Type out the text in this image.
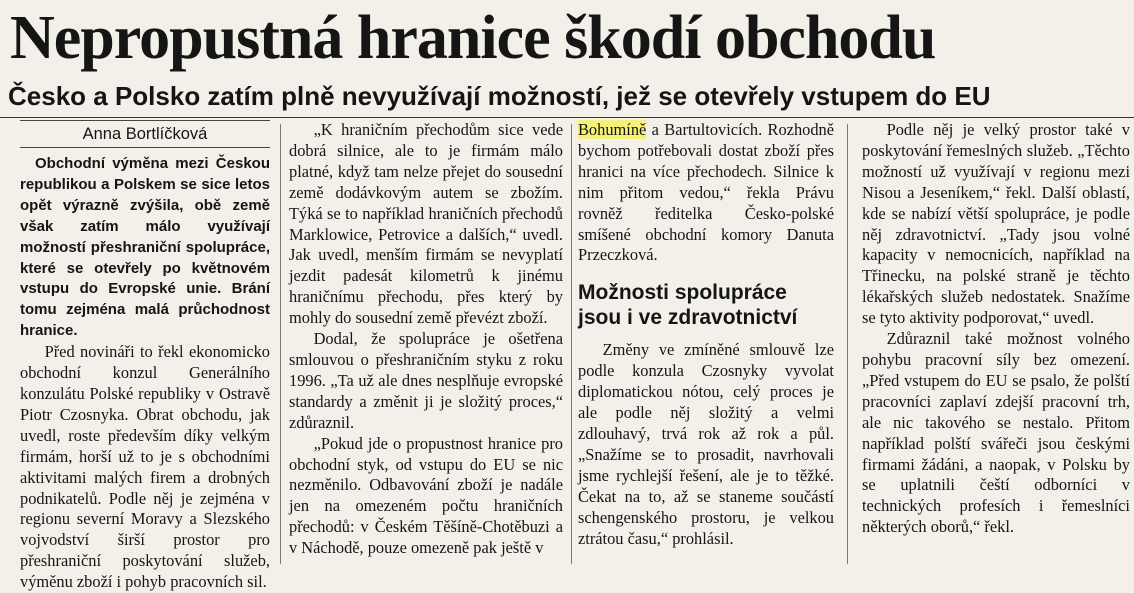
Nepropustná hranice škodí obchodu
Česko a Polsko zatím plně nevyužívají možností, jež se otevřely vstupem do EU
Anna Bortlíčková

Obchodní výměna mezi Českou republikou a Polskem se sice letos opět výrazně zvýšila, obě země však zatím málo využívají možností přeshraniční spolupráce, které se otevřely po květnovém vstupu do Evropské unie. Brání tomu zejména malá průchodnost hranice.

Před novináři to řekl ekonomicko obchodní konzul Generálního konzulátu Polské republiky v Ostravě Piotr Czosnyka. Obrat obchodu, jak uvedl, roste především díky velkým firmám, horší už to je s obchodními aktivitami malých firem a drobných podnikatelů. Podle něj je zejména v regionu severní Moravy a Slezského vojvodství širší prostor pro přeshraniční poskytování služeb, výměnu zboží i pohyb pracovních sil.

„K hraničním přechodům sice vede dobrá silnice, ale to je firmám málo platné, když tam nelze přejet do sousední země dodávkovým autem se zbožím. Týká se to například hraničních přechodů Marklowice, Petrovice a dalších,“ uvedl. Jak uvedl, menším firmám se nevyplatí jezdit padesát kilometrů k jinému hraničnímu přechodu, přes který by mohly do sousední země převézt zboží.

Dodal, že spolupráce je ošetřena smlouvou o přeshraničním styku z roku 1996. „Ta už ale dnes nesplňuje evropské standardy a změnit ji je složitý proces,“ zdůraznil.

„Pokud jde o propustnost hranice pro obchodní styk, od vstupu do EU se nic nezměnilo. Odbavování zboží je nadále jen na omezeném počtu hraničních přechodů: v Českém Těšíně-Chotěbuzi a v Náchodě, pouze omezeně pak ještě v

Bohumíně a Bartultovicích. Rozhodně bychom potřebovali dostat zboží přes hranici na více přechodech. Silnice k nim přitom vedou,“ řekla Právu rovněž ředitelka Česko-polské smíšené obchodní komory Danuta Przeczková.

Možnosti spolupráce jsou i ve zdravotnictví

Změny ve zmíněné smlouvě lze podle konzula Czosnyky vyvolat diplomatickou nótou, celý proces je ale podle něj složitý a velmi zdlouhavý, trvá rok až rok a půl. „Snažíme se to prosadit, navrhovali jsme rychlejší řešení, ale je to těžké. Čekat na to, až se staneme součástí schengenského prostoru, je velkou ztrátou času,“ prohlásil.

Podle něj je velký prostor také v poskytování řemeslných služeb. „Těchto možností už využívají v regionu mezi Nisou a Jeseníkem,“ řekl. Další oblastí, kde se nabízí větší spolupráce, je podle něj zdravotnictví. „Tady jsou volné kapacity v nemocnicích, například na Třinecku, na polské straně je těchto lékařských služeb nedostatek. Snažíme se tyto aktivity podporovat,“ uvedl.

Zdůraznil také možnost volného pohybu pracovní síly bez omezení. „Před vstupem do EU se psalo, že polští pracovníci zaplaví zdejší pracovní trh, ale nic takového se nestalo. Přitom například polští svářeči jsou českými firmami žádáni, a naopak, v Polsku by se uplatnili čeští odborníci v technických profesích i řemeslníci některých oborů,“ řekl.
